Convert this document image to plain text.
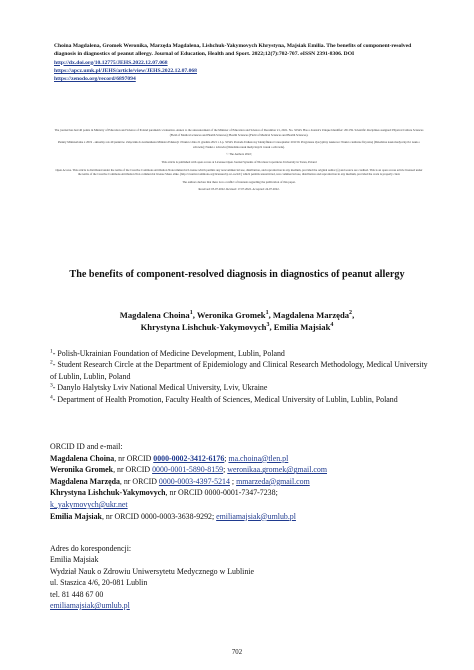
Choina Magdalena, Gromek Weronika, Marzęda Magdalena, Lishchuk-Yakymovych Khrystyna, Majsiak Emilia. The benefits of component-resolved diagnosis in diagnostics of peanut allergy. Journal of Education, Health and Sport. 2022;12(7):702-707. eISSN 2391-8306. DOI
http://dx.doi.org/10.12775/JEHS.2022.12.07.068
https://apcz.umk.pl/JEHS/article/view/JEHS.2022.12.07.068
https://zenodo.org/record/6897094

The journal has had 40 points in Ministry of Education and Science of Poland parametric evaluation. Annex to the announcement of the Minister of Education and Science of December 21, 2021. No. 32343. Has a Journal's Unique Identifier: 201159. Scientific disciplines assigned: Physical Culture Sciences (Field of Medical sciences and Health Sciences); Health Sciences (Field of Medical Sciences and Health Sciences).

Punkty Ministerialne z 2019 - aktualny rok 40 punktów. Załącznik do komunikatu Ministra Edukacji i Nauki z dnia 21 grudnia 2021 r. Lp. 32343. Posiada Unikatowy Identyfikator Czasopisma: 201159. Przypisane dyscypliny naukowe: Nauki o kulturze fizycznej (Dziedzina nauk medycznych i nauk o zdrowiu); Nauki o zdrowiu (Dziedzina nauk medycznych i nauk o zdrowiu).

© The Authors 2022;

This article is published with open access at Licensee Open Journal Systems of Nicolaus Copernicus University in Torun, Poland

Open Access. This article is distributed under the terms of the Creative Commons Attribution Noncommercial License which permits any noncommercial use, distribution, and reproduction in any medium, provided the original author (s) and source are credited. This is an open access article licensed under the terms of the Creative Commons Attribution Non commercial license Share alike. (http://creativecommons.org/licenses/by-nc-sa/4.0/) which permits unrestricted, non commercial use, distribution and reproduction in any medium, provided the work is properly cited.

The authors declare that there is no conflict of interests regarding the publication of this paper.

Received: 05.07.2022. Revised: 17.07.2022. Accepted: 24.07.2022.

The benefits of component-resolved diagnosis in diagnostics of peanut allergy
Magdalena Choina$^1$, Weronika Gromek$^1$, Magdalena Marzęda$^2$,
Khrystyna Lishchuk-Yakymovych$^3$, Emilia Majsiak$^4$
$^1$- Polish-Ukrainian Foundation of Medicine Development, Lublin, Poland
$^2$- Student Research Circle at the Department of Epidemiology and Clinical Research Methodology, Medical University of Lublin, Lublin, Poland
$^3$- Danylo Halytsky Lviv National Medical University, Lviv, Ukraine
$^4$- Department of Health Promotion, Faculty Health of Sciences, Medical University of Lublin, Lublin, Poland
ORCID ID and e-mail:
Magdalena Choina, nr ORCID 0000-0002-3412-6176; ma.choina@tlen.pl
Weronika Gromek, nr ORCID 0000-0001-5890-8159; weronikaa.gromek@gmail.com
Magdalena Marzęda, nr ORCID 0000-0003-4397-5214 ; mmarzeda@gmail.com
Khrystyna Lishchuk-Yakymovych, nr ORCID 0000-0001-7347-7238;
k_yakymovych@ukr.net
Emilia Majsiak, nr ORCID 0000-0003-3638-9292; emiliamajsiak@umlub.pl
Adres do korespondencji:
Emilia Majsiak
Wydział Nauk o Zdrowiu Uniwersytetu Medycznego w Lublinie
ul. Staszica 4/6, 20-081 Lublin
tel. 81 448 67 00
emiliamajsiak@umlub.pl
702
